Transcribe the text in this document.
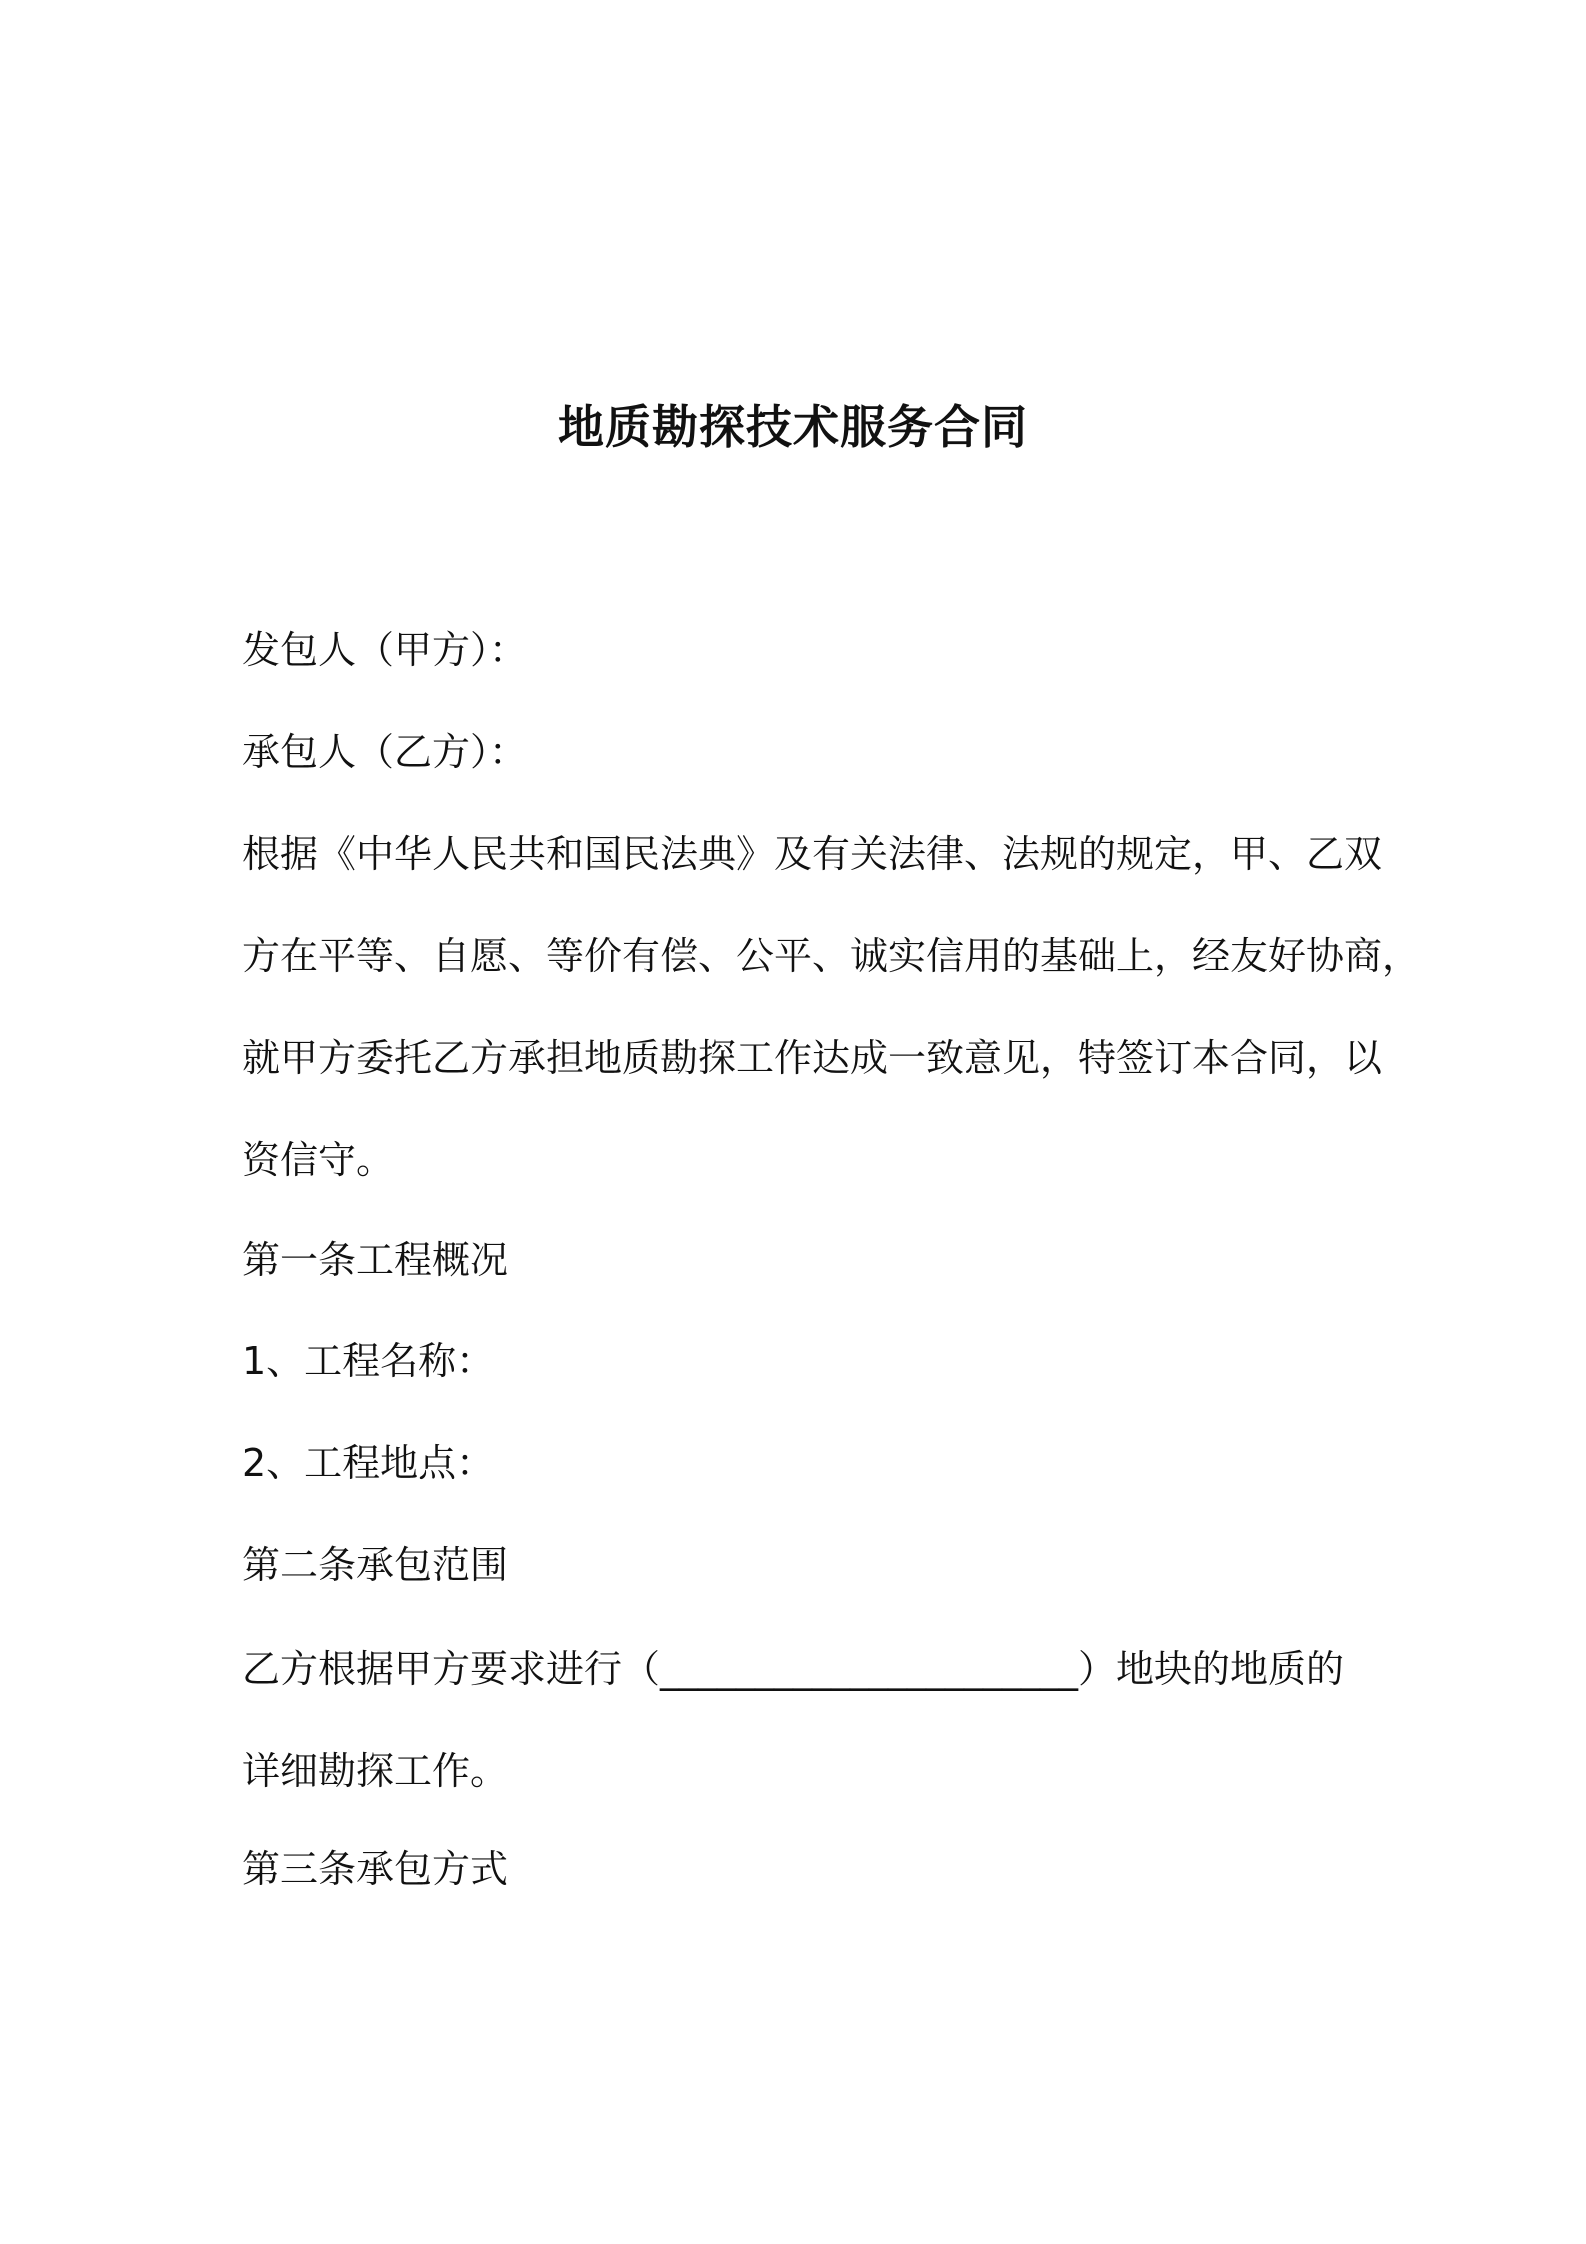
地质勘探技术服务合同
发包人（甲方）：
承包人（乙方）：
根据《中华人民共和国民法典》及有关法律、法规的规定，甲、乙双
方在平等、自愿、等价有偿、公平、诚实信用的基础上，经友好协商，
就甲方委托乙方承担地质勘探工作达成一致意见，特签订本合同，以
资信守。
第一条工程概况
1、工程名称：
2、工程地点：
第二条承包范围
乙方根据甲方要求进行（______________________）地块的地质的
详细勘探工作。
第三条承包方式
